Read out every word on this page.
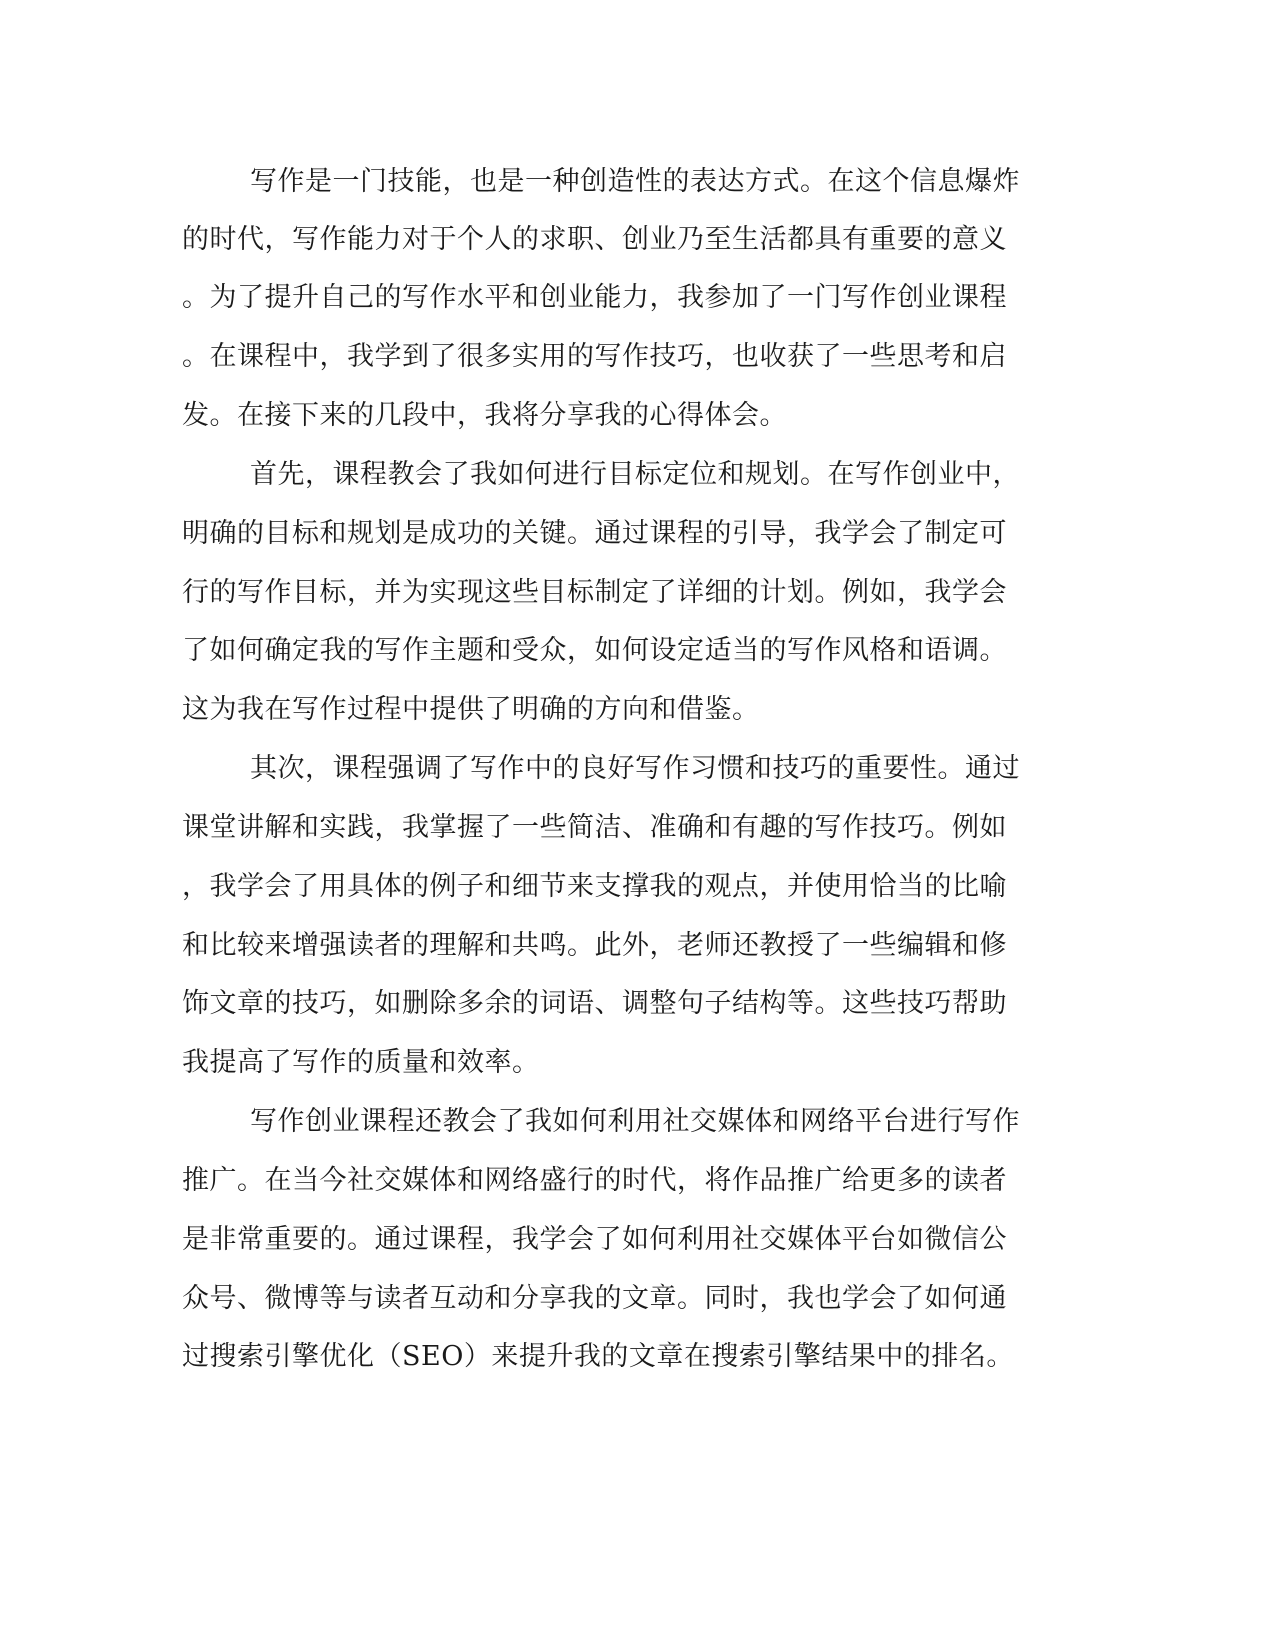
写作是一门技能，也是一种创造性的表达方式。在这个信息爆炸

的时代，写作能力对于个人的求职、创业乃至生活都具有重要的意义

。为了提升自己的写作水平和创业能力，我参加了一门写作创业课程

。在课程中，我学到了很多实用的写作技巧，也收获了一些思考和启

发。在接下来的几段中，我将分享我的心得体会。

首先，课程教会了我如何进行目标定位和规划。在写作创业中，

明确的目标和规划是成功的关键。通过课程的引导，我学会了制定可

行的写作目标，并为实现这些目标制定了详细的计划。例如，我学会

了如何确定我的写作主题和受众，如何设定适当的写作风格和语调。

这为我在写作过程中提供了明确的方向和借鉴。

其次，课程强调了写作中的良好写作习惯和技巧的重要性。通过

课堂讲解和实践，我掌握了一些简洁、准确和有趣的写作技巧。例如

，我学会了用具体的例子和细节来支撑我的观点，并使用恰当的比喻

和比较来增强读者的理解和共鸣。此外，老师还教授了一些编辑和修

饰文章的技巧，如删除多余的词语、调整句子结构等。这些技巧帮助

我提高了写作的质量和效率。

写作创业课程还教会了我如何利用社交媒体和网络平台进行写作

推广。在当今社交媒体和网络盛行的时代，将作品推广给更多的读者

是非常重要的。通过课程，我学会了如何利用社交媒体平台如微信公

众号、微博等与读者互动和分享我的文章。同时，我也学会了如何通

过搜索引擎优化（SEO）来提升我的文章在搜索引擎结果中的排名。
